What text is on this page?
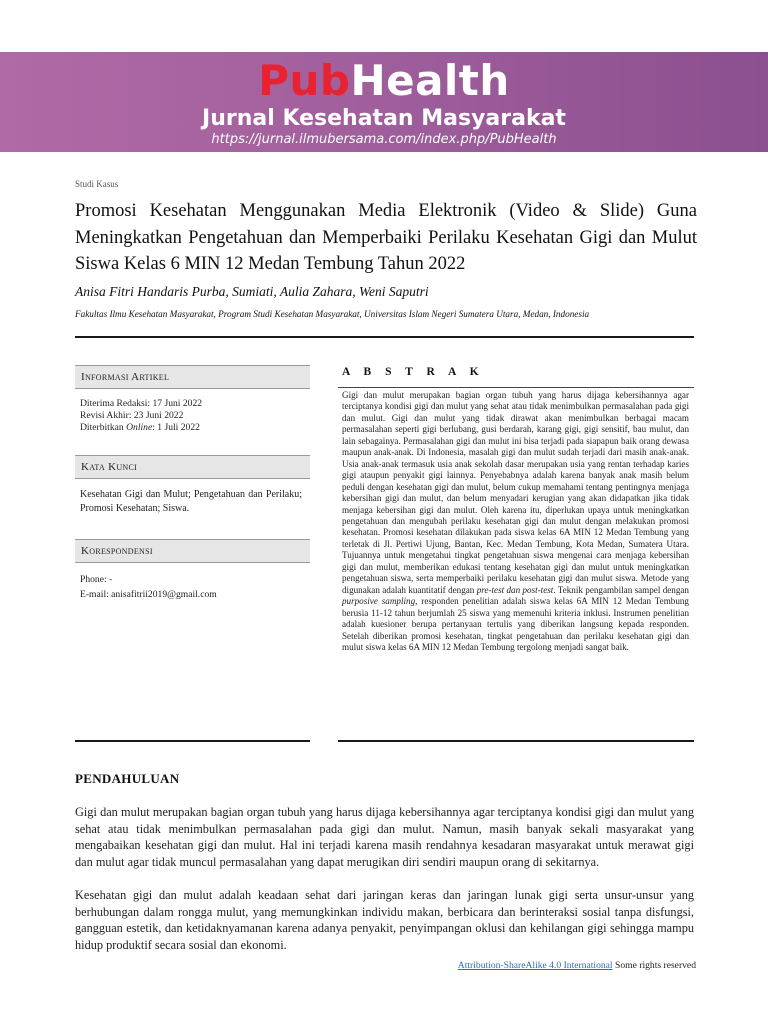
PubHealth
Jurnal Kesehatan Masyarakat
https://jurnal.ilmubersama.com/index.php/PubHealth
Studi Kasus
Promosi Kesehatan Menggunakan Media Elektronik (Video & Slide) Guna Meningkatkan Pengetahuan dan Memperbaiki Perilaku Kesehatan Gigi dan Mulut Siswa Kelas 6 MIN 12 Medan Tembung Tahun 2022
Anisa Fitri Handaris Purba, Sumiati, Aulia Zahara, Weni Saputri
Fakultas Ilmu Kesehatan Masyarakat, Program Studi Kesehatan Masyarakat, Universitas Islam Negeri Sumatera Utara, Medan, Indonesia
Informasi Artikel
Diterima Redaksi: 17 Juni 2022
Revisi Akhir: 23 Juni 2022
Diterbitkan Online: 1 Juli 2022
Kata Kunci
Kesehatan Gigi dan Mulut; Pengetahuan dan Perilaku; Promosi Kesehatan; Siswa.
Korespondensi
Phone: -
E-mail: anisafitrii2019@gmail.com
A B S T R A K
Gigi dan mulut merupakan bagian organ tubuh yang harus dijaga kebersihannya agar terciptanya kondisi gigi dan mulut yang sehat atau tidak menimbulkan permasalahan pada gigi dan mulut. Gigi dan mulut yang tidak dirawat akan menimbulkan berbagai macam permasalahan seperti gigi berlubang, gusi berdarah, karang gigi, gigi sensitif, bau mulut, dan lain sebagainya. Permasalahan gigi dan mulut ini bisa terjadi pada siapapun baik orang dewasa maupun anak-anak. Di Indonesia, masalah gigi dan mulut sudah terjadi dari masih anak-anak. Usia anak-anak termasuk usia anak sekolah dasar merupakan usia yang rentan terhadap karies gigi ataupun penyakit gigi lainnya. Penyebabnya adalah karena banyak anak masih belum peduli dengan kesehatan gigi dan mulut, belum cukup memahami tentang pentingnya menjaga kebersihan gigi dan mulut, dan belum menyadari kerugian yang akan didapatkan jika tidak menjaga kebersihan gigi dan mulut. Oleh karena itu, diperlukan upaya untuk meningkatkan pengetahuan dan mengubah perilaku kesehatan gigi dan mulut dengan melakukan promosi kesehatan. Promosi kesehatan dilakukan pada siswa kelas 6A MIN 12 Medan Tembung yang terletak di Jl. Pertiwi Ujung, Bantan, Kec. Medan Tembung, Kota Medan, Sumatera Utara. Tujuannya untuk mengetahui tingkat pengetahuan siswa mengenai cara menjaga kebersihan gigi dan mulut, memberikan edukasi tentang kesehatan gigi dan mulut untuk meningkatkan pengetahuan siswa, serta memperbaiki perilaku kesehatan gigi dan mulut siswa. Metode yang digunakan adalah kuantitatif dengan pre-test dan post-test. Teknik pengambilan sampel dengan purposive sampling, responden penelitian adalah siswa kelas 6A MIN 12 Medan Tembung berusia 11-12 tahun berjumlah 25 siswa yang memenuhi kriteria inklusi. Instrumen penelitian adalah kuesioner berupa pertanyaan tertulis yang diberikan langsung kepada responden. Setelah diberikan promosi kesehatan, tingkat pengetahuan dan perilaku kesehatan gigi dan mulut siswa kelas 6A MIN 12 Medan Tembung tergolong menjadi sangat baik.
PENDAHULUAN
Gigi dan mulut merupakan bagian organ tubuh yang harus dijaga kebersihannya agar terciptanya kondisi gigi dan mulut yang sehat atau tidak menimbulkan permasalahan pada gigi dan mulut. Namun, masih banyak sekali masyarakat yang mengabaikan kesehatan gigi dan mulut. Hal ini terjadi karena masih rendahnya kesadaran masyarakat untuk merawat gigi dan mulut agar tidak muncul permasalahan yang dapat merugikan diri sendiri maupun orang di sekitarnya.
Kesehatan gigi dan mulut adalah keadaan sehat dari jaringan keras dan jaringan lunak gigi serta unsur-unsur yang berhubungan dalam rongga mulut, yang memungkinkan individu makan, berbicara dan berinteraksi sosial tanpa disfungsi, gangguan estetik, dan ketidaknyamanan karena adanya penyakit, penyimpangan oklusi dan kehilangan gigi sehingga mampu hidup produktif secara sosial dan ekonomi.
Attribution-ShareAlike 4.0 International Some rights reserved
